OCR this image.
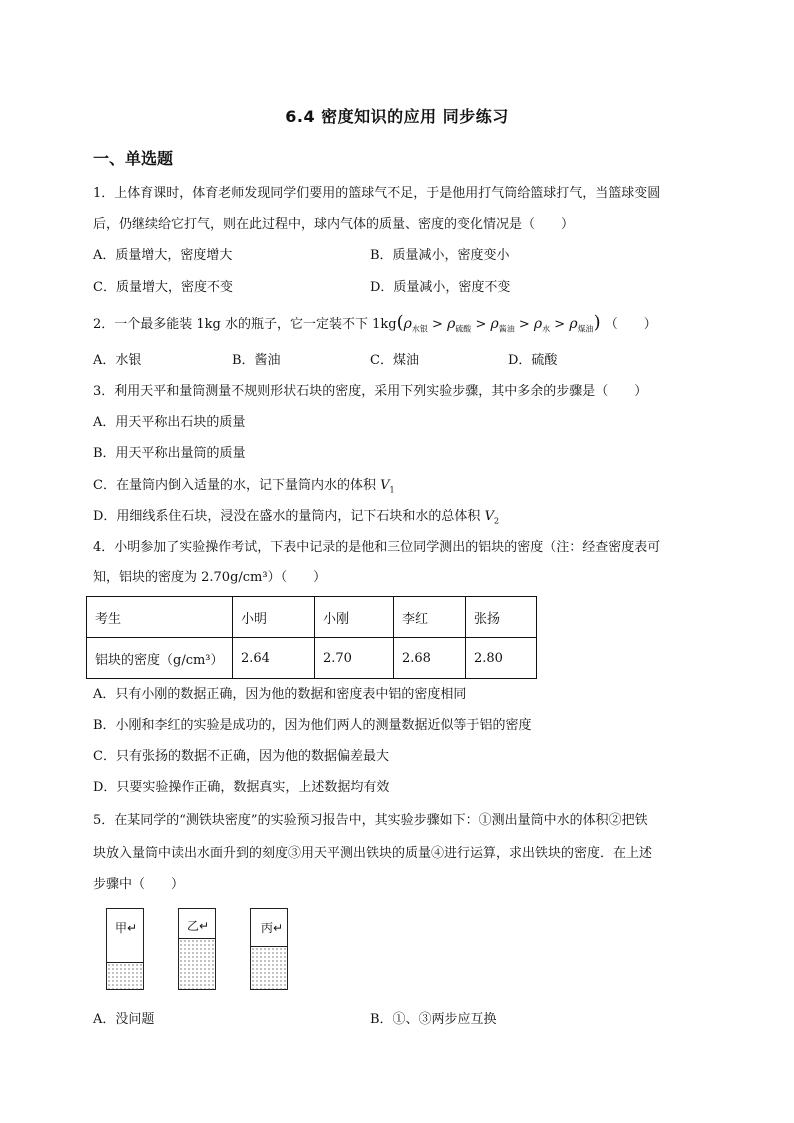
6.4 密度知识的应用 同步练习
一、单选题
1．上体育课时，体育老师发现同学们要用的篮球气不足，于是他用打气筒给篮球打气，当篮球变圆
后，仍继续给它打气，则在此过程中，球内气体的质量、密度的变化情况是（　　）
A．质量增大，密度增大	B．质量减小，密度变小
C．质量增大，密度不变	D．质量减小，密度不变
2．一个最多能装 1kg 水的瓶子，它一定装不下 $1kg(\rho_{水银} > \rho_{硫酸} > \rho_{酱油} > \rho_水 > \rho_{煤油})$ （　　）
A．水银	B．酱油	C．煤油	D．硫酸
3．利用天平和量筒测量不规则形状石块的密度，采用下列实验步骤，其中多余的步骤是（　　）
A．用天平称出石块的质量
B．用天平称出量筒的质量
C．在量筒内倒入适量的水，记下量筒内水的体积 $V_1$
D．用细线系住石块，浸没在盛水的量筒内，记下石块和水的总体积 $V_2$
4．小明参加了实验操作考试，下表中记录的是他和三位同学测出的铝块的密度（注：经查密度表可
知，铝块的密度为 2.70g/cm³）（　　）
考生	小明	小刚	李红	张扬
铝块的密度（g/cm³）	2.64	2.70	2.68	2.80
A．只有小刚的数据正确，因为他的数据和密度表中铝的密度相同
B．小刚和李红的实验是成功的，因为他们两人的测量数据近似等于铝的密度
C．只有张扬的数据不正确，因为他的数据偏差最大
D．只要实验操作正确，数据真实，上述数据均有效
5．在某同学的“测铁块密度”的实验预习报告中，其实验步骤如下：①测出量筒中水的体积②把铁
块放入量筒中读出水面升到的刻度③用天平测出铁块的质量④进行运算，求出铁块的密度．在上述
步骤中（　　）
甲↵	乙↵	丙↵
A．没问题	B．①、③两步应互换
